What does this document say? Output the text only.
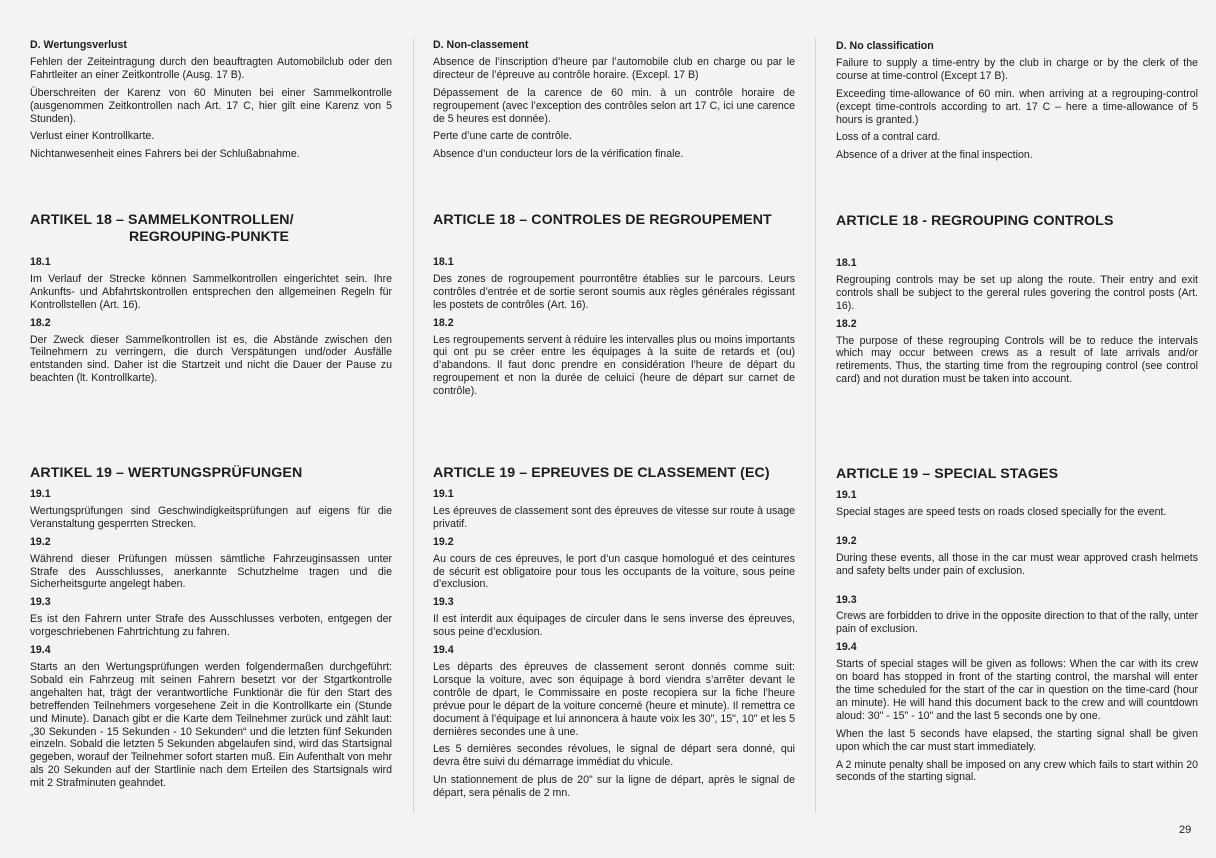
D. Wertungsverlust

Fehlen der Zeiteintragung durch den beauftragten Automobilclub oder den Fahrtleiter an einer Zeitkontrolle (Ausg. 17 B).

Überschreiten der Karenz von 60 Minuten bei einer Sammelkontrolle (ausgenommen Zeitkontrollen nach Art. 17 C, hier gilt eine Karenz von 5 Stunden).

Verlust einer Kontrollkarte.

Nichtanwesenheit eines Fahrers bei der Schlußabnahme.

ARTIKEL 18 – SAMMELKONTROLLEN/
REGROUPING-PUNKTE
18.1

Im Verlauf der Strecke können Sammelkontrollen eingerichtet sein. Ihre Ankunfts- und Abfahrtskontrollen entsprechen den allgemeinen Regeln für Kontrollstellen (Art. 16).

18.2

Der Zweck dieser Sammelkontrollen ist es, die Abstände zwischen den Teilnehmern zu verringern, die durch Verspätungen und/oder Ausfälle entstanden sind. Daher ist die Startzeit und nicht die Dauer der Pause zu beachten (lt. Kontrollkarte).

ARTIKEL 19 – WERTUNGSPRÜFUNGEN
19.1

Wertungsprüfungen sind Geschwindigkeitsprüfungen auf eigens für die Veranstaltung gesperrten Strecken.

19.2

Während dieser Prüfungen müssen sämtliche Fahrzeuginsassen unter Strafe des Ausschlusses, anerkannte Schutzhelme tragen und die Sicherheitsgurte angelegt haben.

19.3

Es ist den Fahrern unter Strafe des Ausschlusses verboten, entgegen der vorgeschriebenen Fahrtrichtung zu fahren.

19.4

Starts an den Wertungsprüfungen werden folgendermaßen durchgeführt: Sobald ein Fahrzeug mit seinen Fahrern besetzt vor der Stgartkontrolle angehalten hat, trägt der verantwortliche Funktionär die für den Start des betreffenden Teilnehmers vorgesehene Zeit in die Kontrollkarte ein (Stunde und Minute). Danach gibt er die Karte dem Teilnehmer zurück und zählt laut: „30 Sekunden - 15 Sekunden - 10 Sekunden“ und die letzten fünf Sekunden einzeln. Sobald die letzten 5 Sekunden abgelaufen sind, wird das Startsignal gegeben, worauf der Teilnehmer sofort starten muß. Ein Aufenthalt von mehr als 20 Sekunden auf der Startlinie nach dem Erteilen des Startsignals wird mit 2 Strafminuten geahndet.

D. Non-classement

Absence de l’inscription d’heure par l’automobile club en charge ou par le directeur de l’épreuve au contrôle horaire. (Excepl. 17 B)

Dépassement de la carence de 60 min. à un contrôle horaire de regroupement (avec l’exception des contrôles selon art 17 C, ici une carence de 5 heures est donnée).

Perte d’une carte de contrôle.

Absence d’un conducteur lors de la vérification finale.

ARTICLE 18 – CONTROLES DE REGROUPEMENT
18.1

Des zones de rogroupement pourrontêtre établies sur le parcours. Leurs contrôles d’entrée et de sortie seront soumis aux règles générales régissant les postets de contrôles (Art. 16).

18.2

Les regroupements servent à réduire les intervalles plus ou moins importants qui ont pu se créer entre les équipages à la suite de retards et (ou) d’abandons. Il faut donc prendre en considération l’heure de départ du regroupement et non la durée de celuici (heure de départ sur carnet de contrôle).

ARTICLE 19 – EPREUVES DE CLASSEMENT (EC)
19.1

Les épreuves de classement sont des épreuves de vitesse sur route à usage privatif.

19.2

Au cours de ces épreuves, le port d’un casque homologué et des ceintures de sécurit est obligatoire pour tous les occupants de la voiture, sous peine d’exclusion.

19.3

Il est interdit aux équipages de circuler dans le sens inverse des épreuves, sous peine d’ecxlusion.

19.4

Les départs des épreuves de classement seront donnés comme suit: Lorsque la voiture, avec son équipage à bord viendra s’arrêter devant le contrôle de dpart, le Commissaire en poste recopiera sur la fiche l’heure prévue pour le départ de la voiture concerné (heure et minute). Il remettra ce document à l’équipage et lui annoncera à haute voix les 30", 15", 10" et les 5 dernières secondes une à une.

Les 5 dernières secondes révolues, le signal de départ sera donné, qui devra être suivi du démarrage immédiat du vhicule.

Un stationnement de plus de 20" sur la ligne de départ, après le signal de départ, sera pénalis de 2 mn.

D. No classification

Failure to supply a time-entry by the club in charge or by the clerk of the course at time-control (Except 17 B).

Exceeding time-allowance of 60 min. when arriving at a regrouping-control (except time-controls according to art. 17 C – here a time-allowance of 5 hours is granted.)

Loss of a contral card.

Absence of a driver at the final inspection.

ARTICLE 18 - REGROUPING CONTROLS
18.1

Regrouping controls may be set up along the route. Their entry and exit controls shall be subject to the gereral rules govering the control posts (Art. 16).

18.2

The purpose of these regrouping Controls will be to reduce the intervals which may occur between crews as a result of late arrivals and/or retirements. Thus, the starting time from the regrouping control (see control card) and not duration must be taken into account.

ARTICLE 19 – SPECIAL STAGES
19.1

Special stages are speed tests on roads closed specially for the event.

19.2

During these events, all those in the car must wear approved crash helmets and safety belts under pain of exclusion.

19.3

Crews are forbidden to drive in the opposite direction to that of the rally, unter pain of exclusion.

19.4

Starts of special stages will be given as follows: When the car with its crew on board has stopped in front of the starting control, the marshal will enter the time scheduled for the start of the car in question on the time-card (hour an minute). He will hand this document back to the crew and will countdown aloud: 30" - 15" - 10" and the last 5 seconds one by one.

When the last 5 seconds have elapsed, the starting signal shall be given upon which the car must start immediately.

A 2 minute penalty shall be imposed on any crew which fails to start within 20 seconds of the starting signal.

29
